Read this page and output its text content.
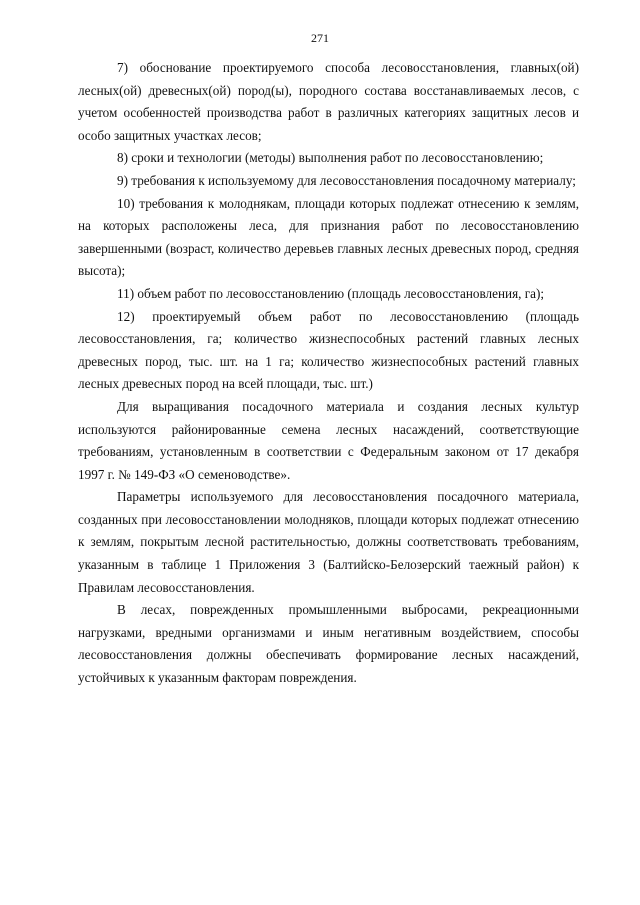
271

7) обоснование проектируемого способа лесовосстановления, главных(ой) лесных(ой) древесных(ой) пород(ы), породного состава восстанавливаемых лесов, с учетом особенностей производства работ в различных категориях защитных лесов и особо защитных участках лесов;

8) сроки и технологии (методы) выполнения работ по лесовосстановлению;

9) требования к используемому для лесовосстановления посадочному материалу;

10) требования к молоднякам, площади которых подлежат отнесению к землям, на которых расположены леса, для признания работ по лесовосстановлению завершенными (возраст, количество деревьев главных лесных древесных пород, средняя высота);

11) объем работ по лесовосстановлению (площадь лесовосстановления, га);

12) проектируемый объем работ по лесовосстановлению (площадь лесовосстановления, га; количество жизнеспособных растений главных лесных древесных пород, тыс. шт. на 1 га; количество жизнеспособных растений главных лесных древесных пород на всей площади, тыс. шт.)

Для выращивания посадочного материала и создания лесных культур используются районированные семена лесных насаждений, соответствующие требованиям, установленным в соответствии с Федеральным законом от 17 декабря 1997 г. № 149-ФЗ «О семеноводстве».

Параметры используемого для лесовосстановления посадочного материала, созданных при лесовосстановлении молодняков, площади которых подлежат отнесению к землям, покрытым лесной растительностью, должны соответствовать требованиям, указанным в таблице 1 Приложения 3 (Балтийско-Белозерский таежный район) к Правилам лесовосстановления.

В лесах, поврежденных промышленными выбросами, рекреационными нагрузками, вредными организмами и иным негативным воздействием, способы лесовосстановления должны обеспечивать формирование лесных насаждений, устойчивых к указанным факторам повреждения.
